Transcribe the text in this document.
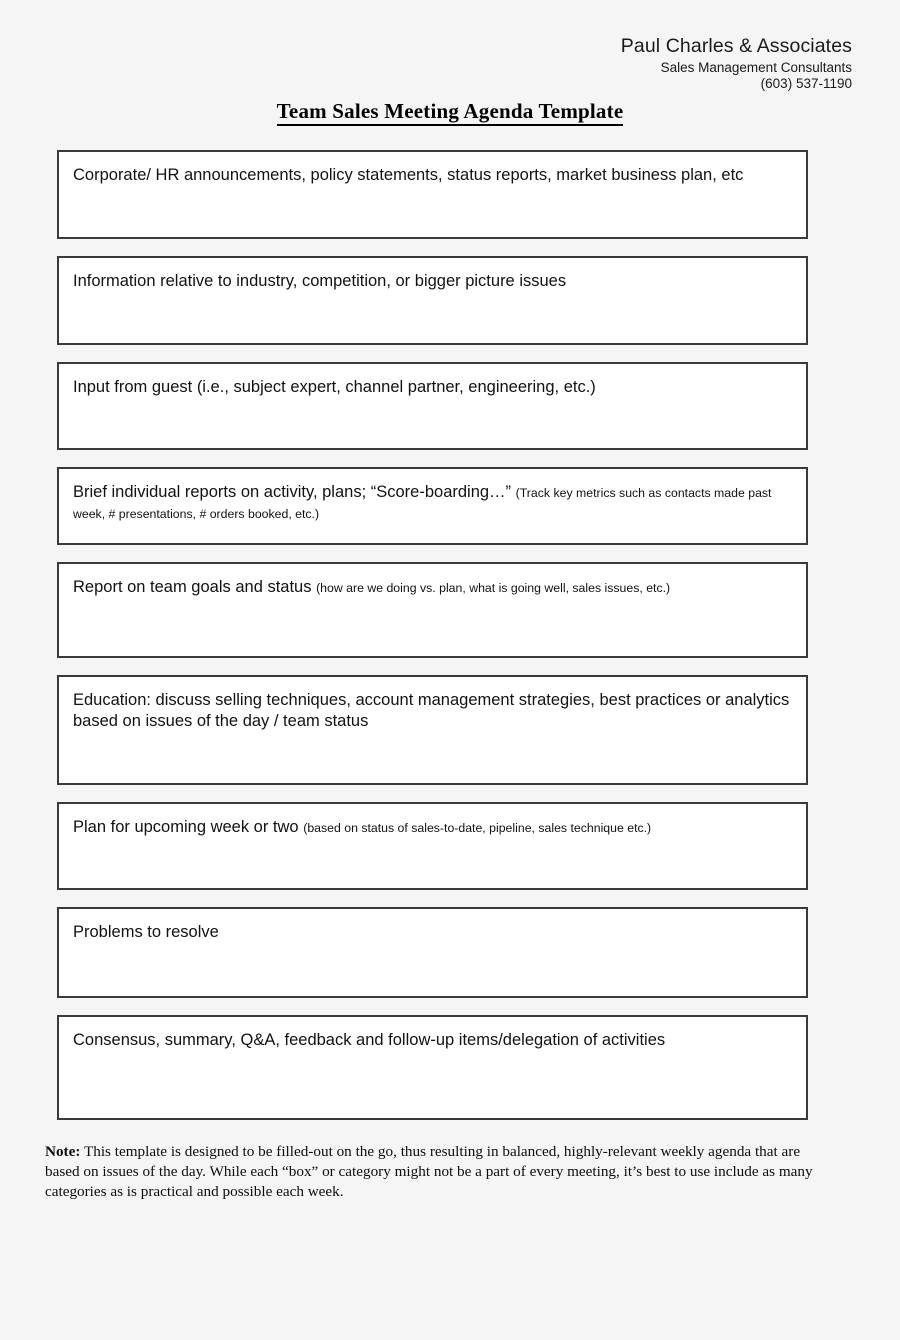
Paul Charles & Associates
Sales Management Consultants
(603) 537-1190
Team Sales Meeting Agenda Template
Corporate/ HR announcements, policy statements, status reports, market business plan, etc
Information relative to industry, competition, or bigger picture issues
Input from guest (i.e., subject expert, channel partner, engineering, etc.)
Brief individual reports on activity, plans; “Score-boarding…” (Track key metrics such as contacts made past week, # presentations, # orders booked, etc.)
Report on team goals and status (how are we doing vs. plan, what is going well, sales issues, etc.)
Education: discuss selling techniques, account management strategies, best practices or analytics based on issues of the day / team status
Plan for upcoming week or two (based on status of sales-to-date, pipeline, sales technique etc.)
Problems to resolve
Consensus, summary, Q&A, feedback and follow-up items/delegation of activities
Note: This template is designed to be filled-out on the go, thus resulting in balanced, highly-relevant weekly agenda that are based on issues of the day. While each “box” or category might not be a part of every meeting, it’s best to use include as many categories as is practical and possible each week.
